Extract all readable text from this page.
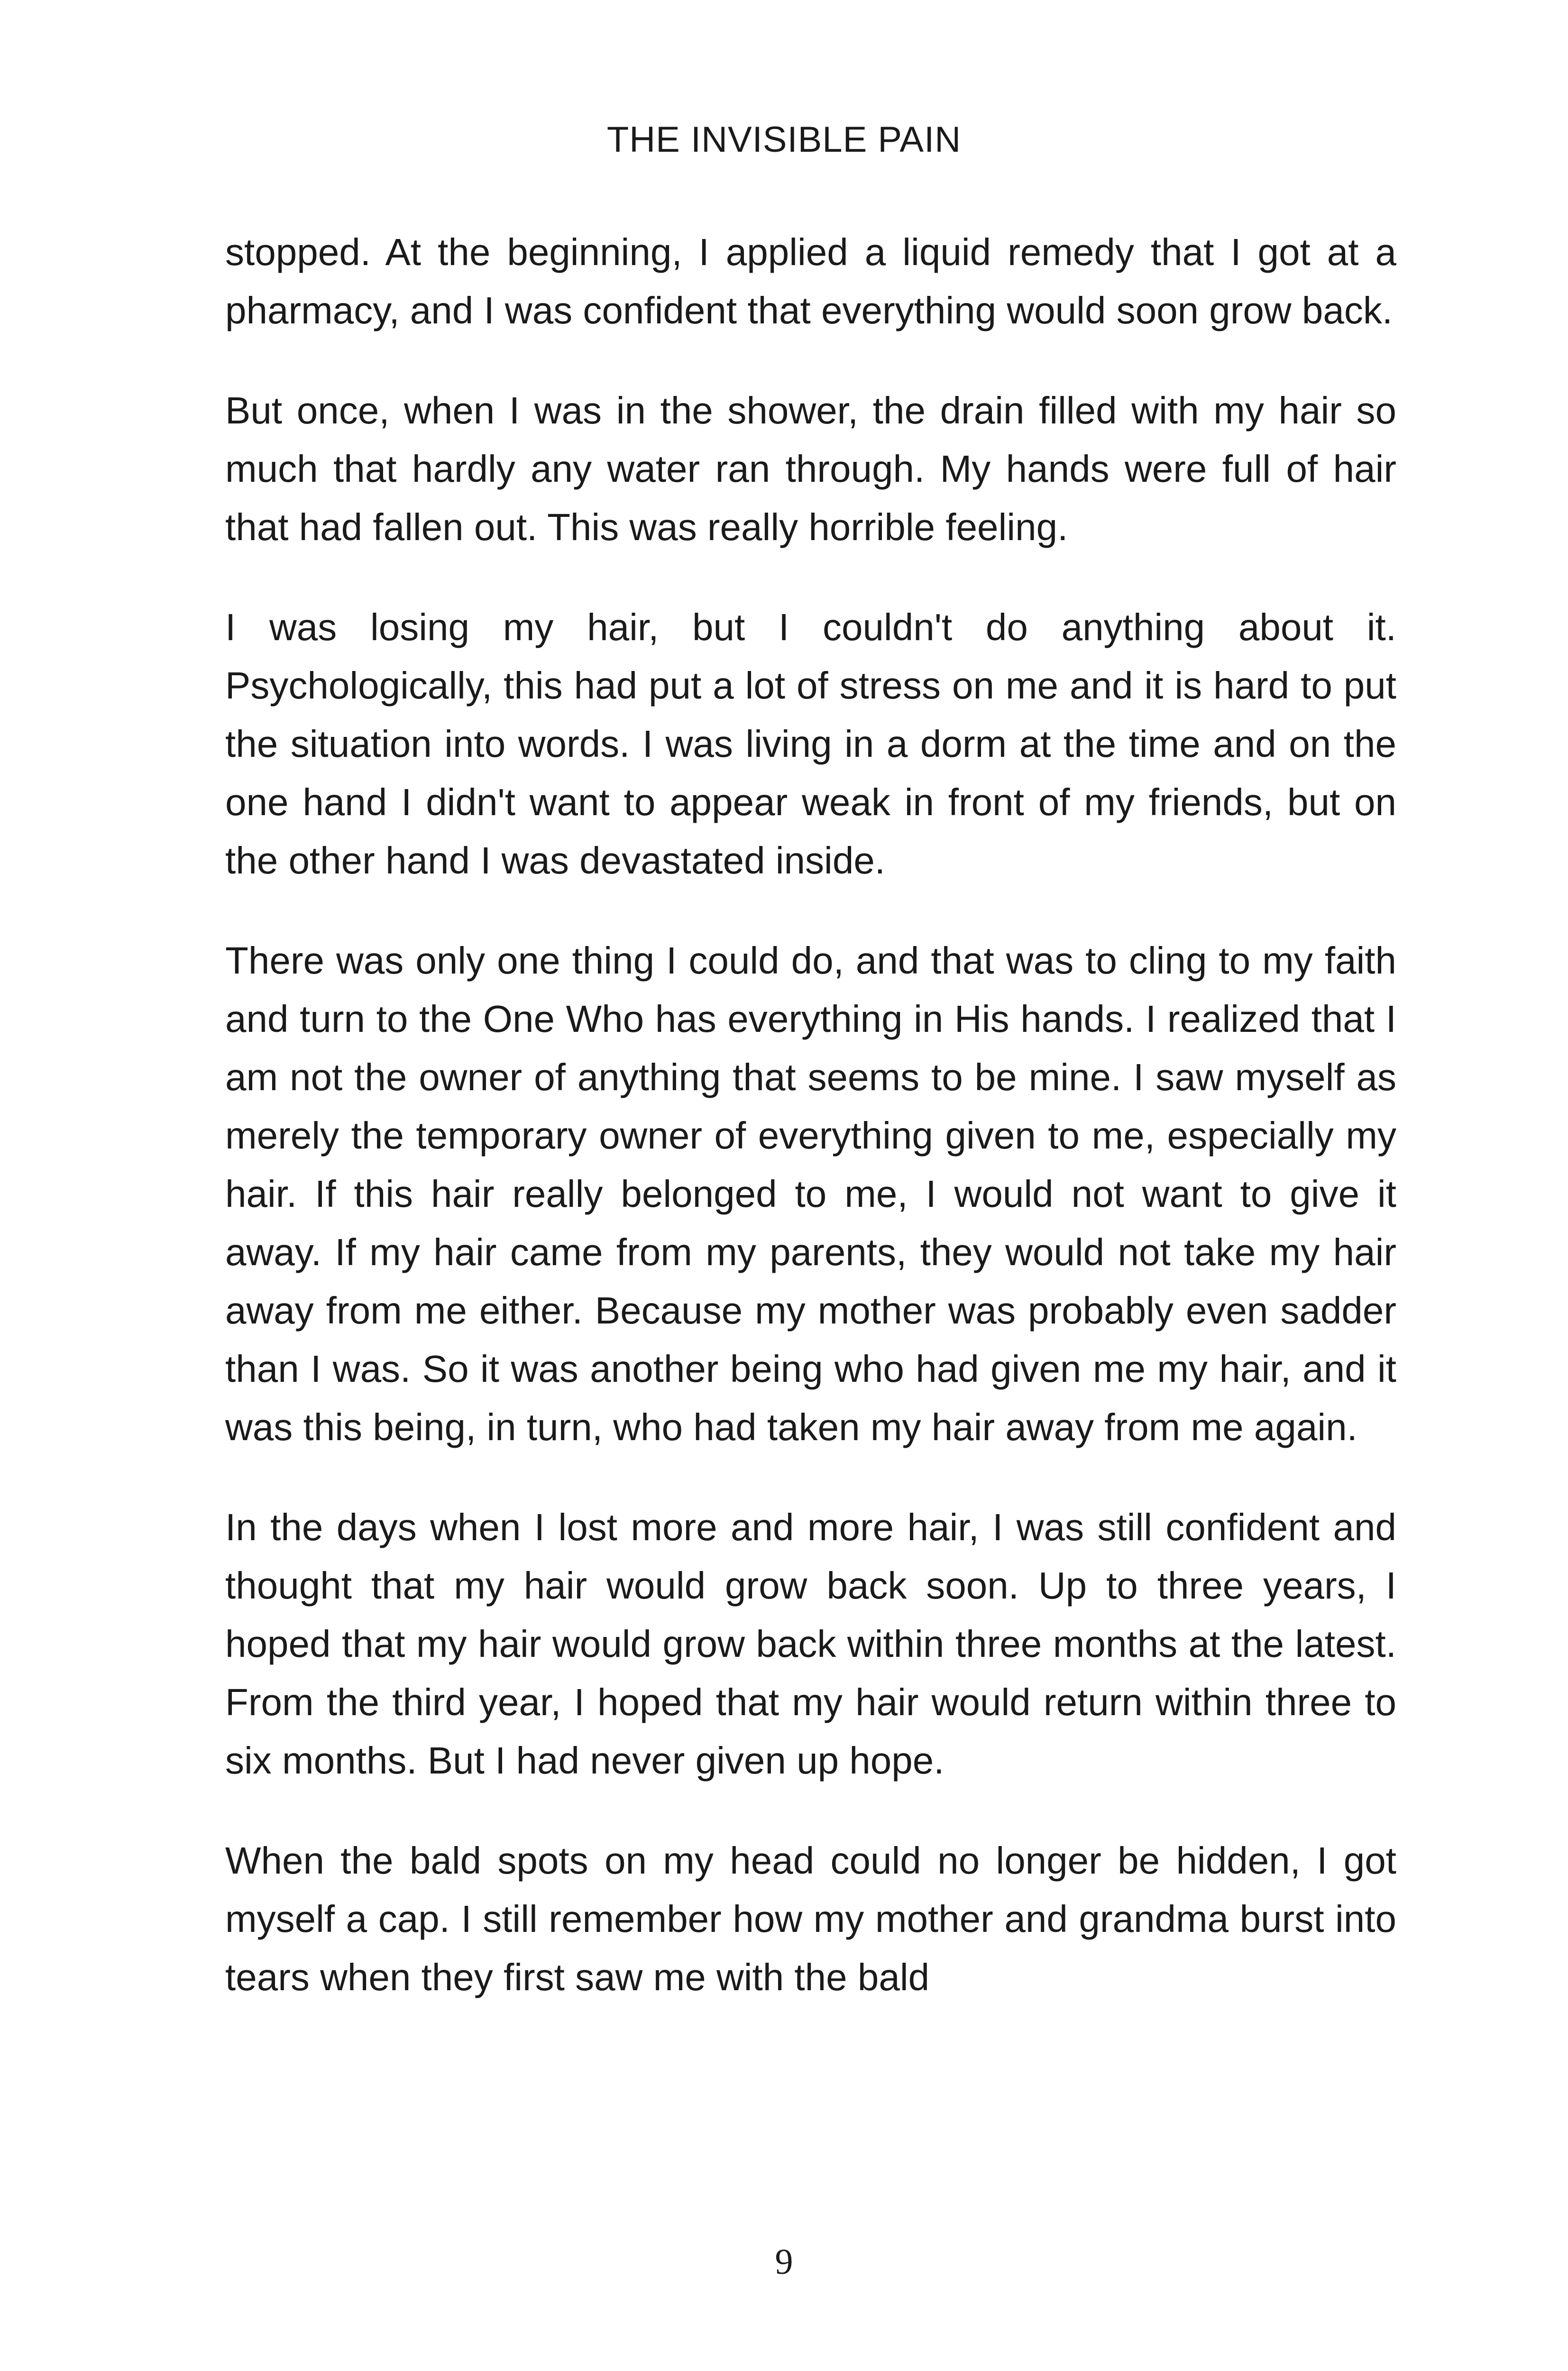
THE INVISIBLE PAIN

stopped. At the beginning, I applied a liquid remedy that I got at a pharmacy, and I was confident that everything would soon grow back.

But once, when I was in the shower, the drain filled with my hair so much that hardly any water ran through. My hands were full of hair that had fallen out. This was really horrible feeling.

I was losing my hair, but I couldn't do anything about it. Psychologically, this had put a lot of stress on me and it is hard to put the situation into words. I was living in a dorm at the time and on the one hand I didn't want to appear weak in front of my friends, but on the other hand I was devastated inside.

There was only one thing I could do, and that was to cling to my faith and turn to the One Who has everything in His hands. I realized that I am not the owner of anything that seems to be mine. I saw myself as merely the temporary owner of everything given to me, especially my hair. If this hair really belonged to me, I would not want to give it away. If my hair came from my parents, they would not take my hair away from me either. Because my mother was probably even sadder than I was. So it was another being who had given me my hair, and it was this being, in turn, who had taken my hair away from me again.

In the days when I lost more and more hair, I was still confident and thought that my hair would grow back soon. Up to three years, I hoped that my hair would grow back within three months at the latest. From the third year, I hoped that my hair would return within three to six months. But I had never given up hope.

When the bald spots on my head could no longer be hidden, I got myself a cap. I still remember how my mother and grandma burst into tears when they first saw me with the bald

9
